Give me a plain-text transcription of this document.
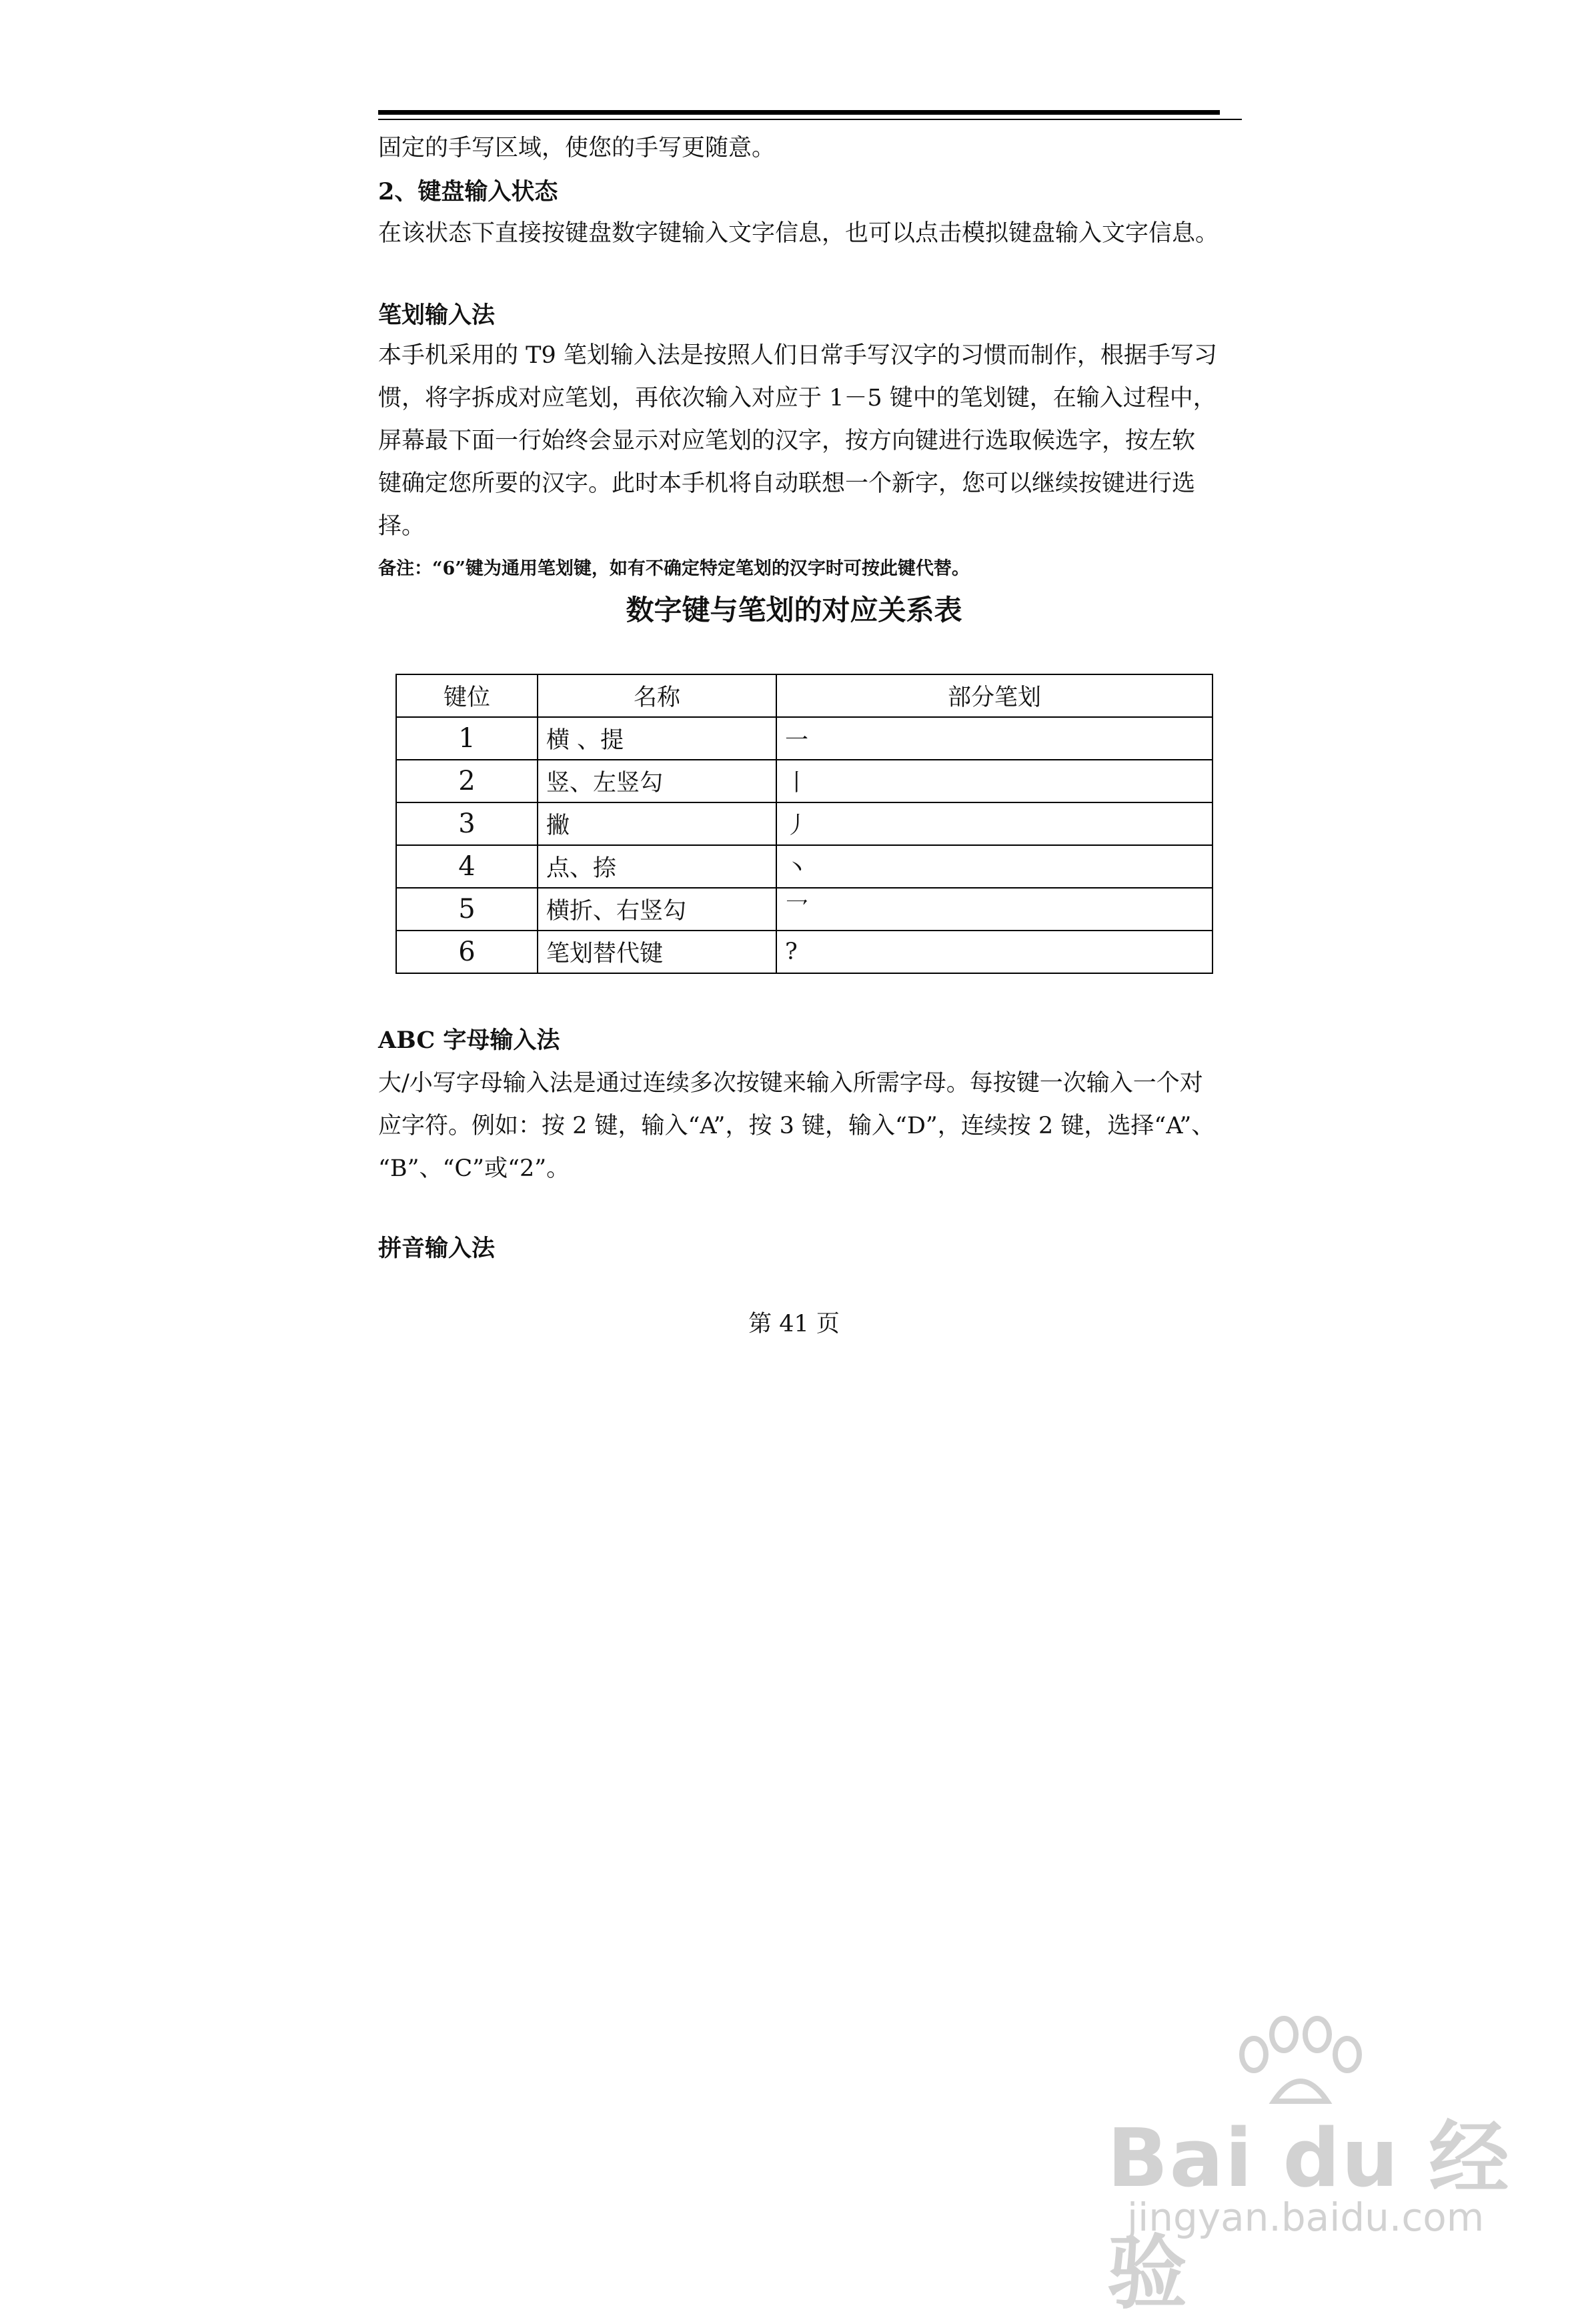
固定的手写区域，使您的手写更随意。
2、键盘输入状态
在该状态下直接按键盘数字键输入文字信息，也可以点击模拟键盘输入文字信息。
笔划输入法
本手机采用的 T9 笔划输入法是按照人们日常手写汉字的习惯而制作，根据手写习
惯，将字拆成对应笔划，再依次输入对应于 1－5 键中的笔划键，在输入过程中，
屏幕最下面一行始终会显示对应笔划的汉字，按方向键进行选取候选字，按左软
键确定您所要的汉字。此时本手机将自动联想一个新字，您可以继续按键进行选
择。
备注：“6”键为通用笔划键，如有不确定特定笔划的汉字时可按此键代替。
数字键与笔划的对应关系表
键位	名称	部分笔划
1	横 、提	一
2	竖、左竖勾	丨
3	撇	丿
4	点、捺	丶
5	横折、右竖勾	乛
6	笔划替代键	?
ABC 字母输入法
大/小写字母输入法是通过连续多次按键来输入所需字母。每按键一次输入一个对
应字符。例如：按 2 键，输入“A”，按 3 键，输入“D”，连续按 2 键，选择“A”、
“B”、“C”或“2”。
拼音输入法
第 41 页
Bai du 经验
jingyan.baidu.com
